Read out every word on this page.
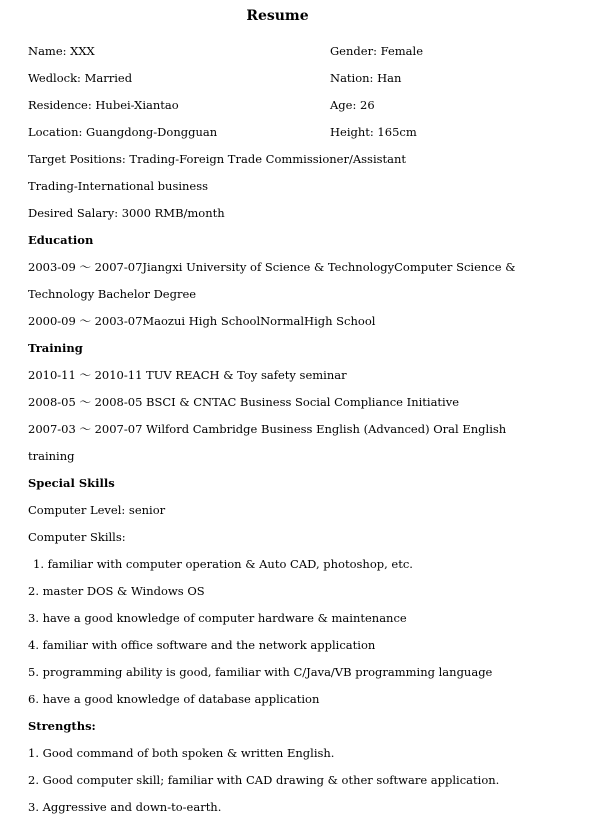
Resume
Name: XXX	Gender: Female
Wedlock: Married	Nation: Han
Residence: Hubei-Xiantao	Age: 26
Location: Guangdong-Dongguan	Height: 165cm
Target Positions: Trading-Foreign Trade Commissioner/Assistant
Trading-International business
Desired Salary: 3000 RMB/month
Education
2003-09 ～ 2007-07Jiangxi University of Science & TechnologyComputer Science &
Technology Bachelor Degree
2000-09 ～ 2003-07Maozui High SchoolNormalHigh School
Training
2010-11 ～ 2010-11 TUV REACH & Toy safety seminar
2008-05 ～ 2008-05 BSCI & CNTAC Business Social Compliance Initiative
2007-03 ～ 2007-07 Wilford Cambridge Business English (Advanced) Oral English
training
Special Skills
Computer Level: senior
Computer Skills:
1. familiar with computer operation & Auto CAD, photoshop, etc.
2. master DOS & Windows OS
3. have a good knowledge of computer hardware & maintenance
4. familiar with office software and the network application
5. programming ability is good, familiar with C/Java/VB programming language
6. have a good knowledge of database application
Strengths:
1. Good command of both spoken & written English.
2. Good computer skill; familiar with CAD drawing & other software application.
3. Aggressive and down-to-earth.
